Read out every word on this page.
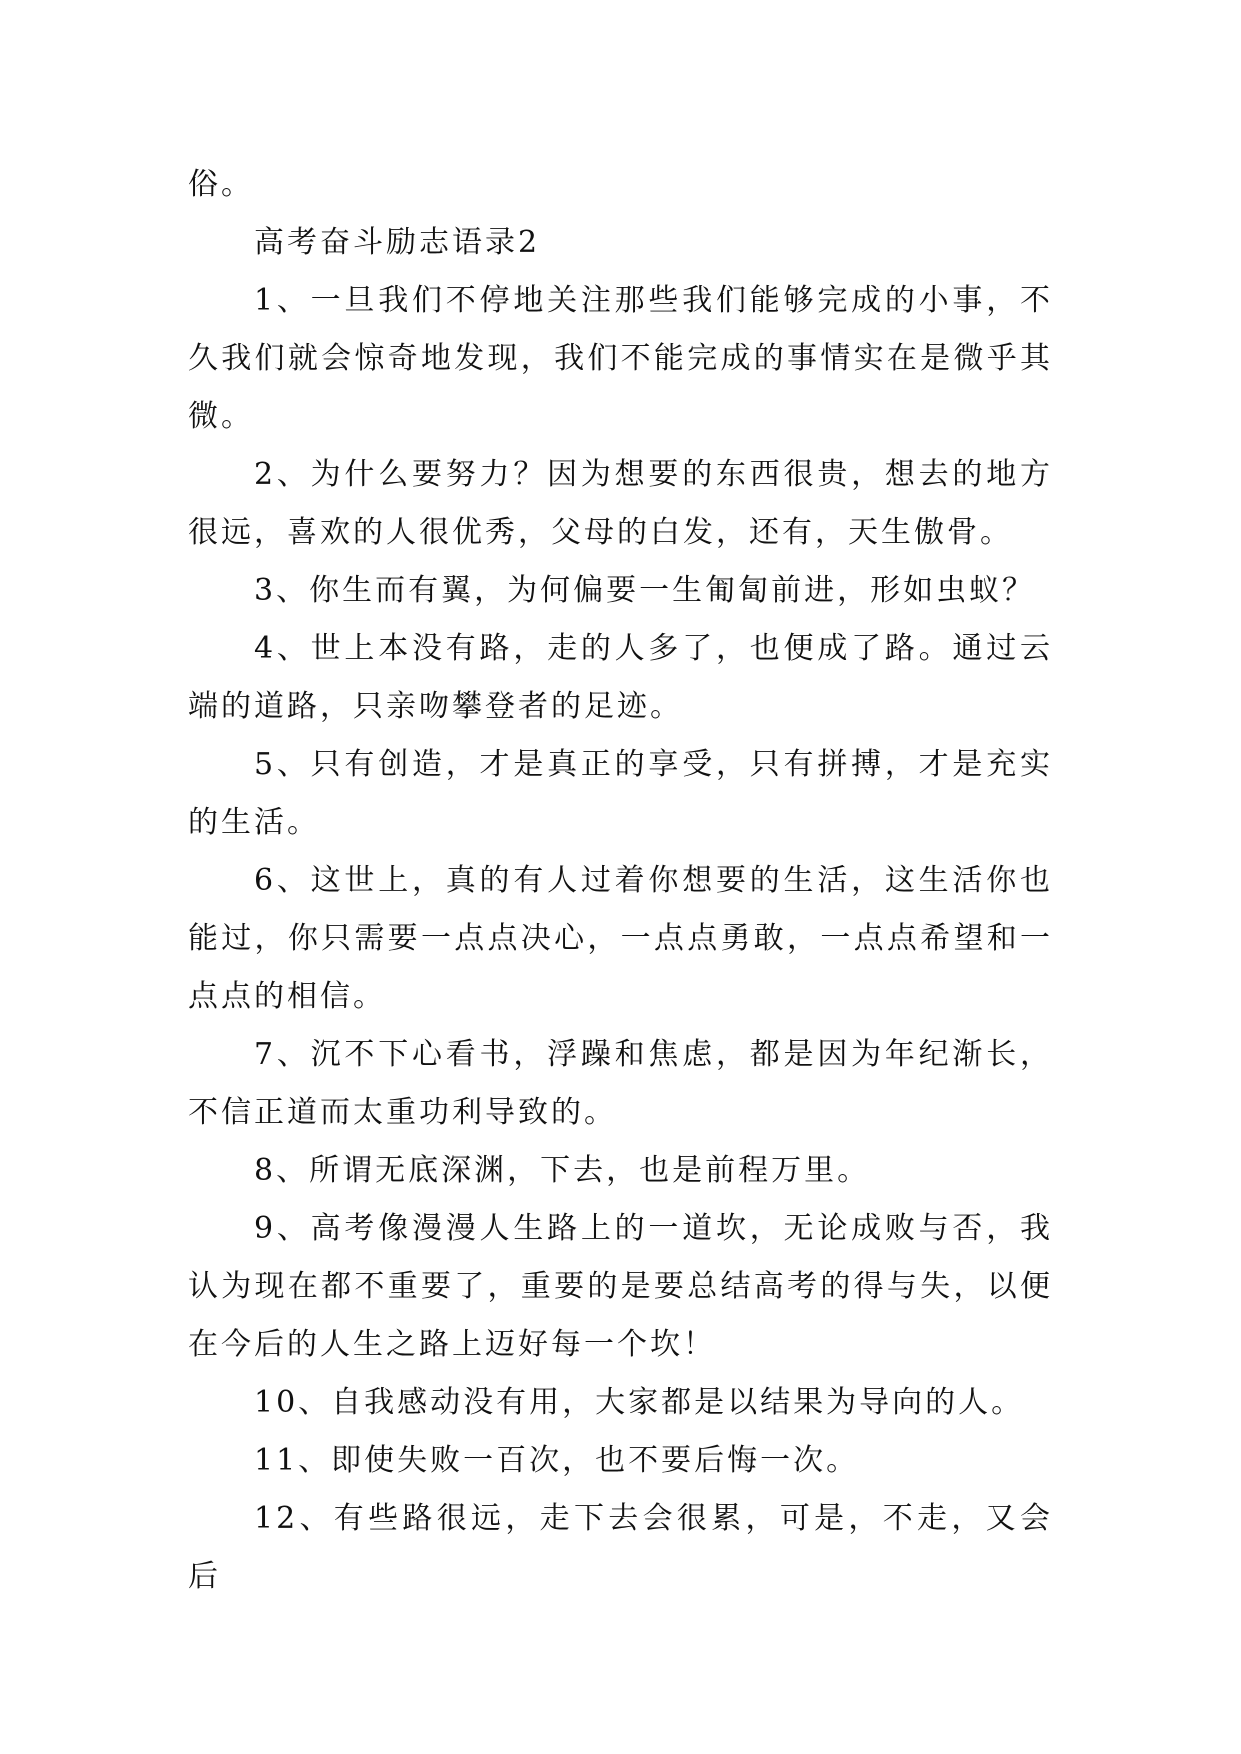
俗。

高考奋斗励志语录2

1、一旦我们不停地关注那些我们能够完成的小事，不久我们就会惊奇地发现，我们不能完成的事情实在是微乎其微。

2、为什么要努力？因为想要的东西很贵，想去的地方很远，喜欢的人很优秀，父母的白发，还有，天生傲骨。

3、你生而有翼，为何偏要一生匍匐前进，形如虫蚁？

4、世上本没有路，走的人多了，也便成了路。通过云端的道路，只亲吻攀登者的足迹。

5、只有创造，才是真正的享受，只有拼搏，才是充实的生活。

6、这世上，真的有人过着你想要的生活，这生活你也能过，你只需要一点点决心，一点点勇敢，一点点希望和一点点的相信。

7、沉不下心看书，浮躁和焦虑，都是因为年纪渐长，不信正道而太重功利导致的。

8、所谓无底深渊，下去，也是前程万里。

9、高考像漫漫人生路上的一道坎，无论成败与否，我认为现在都不重要了，重要的是要总结高考的得与失，以便在今后的人生之路上迈好每一个坎！

10、自我感动没有用，大家都是以结果为导向的人。

11、即使失败一百次，也不要后悔一次。

12、有些路很远，走下去会很累，可是，不走，又会后
